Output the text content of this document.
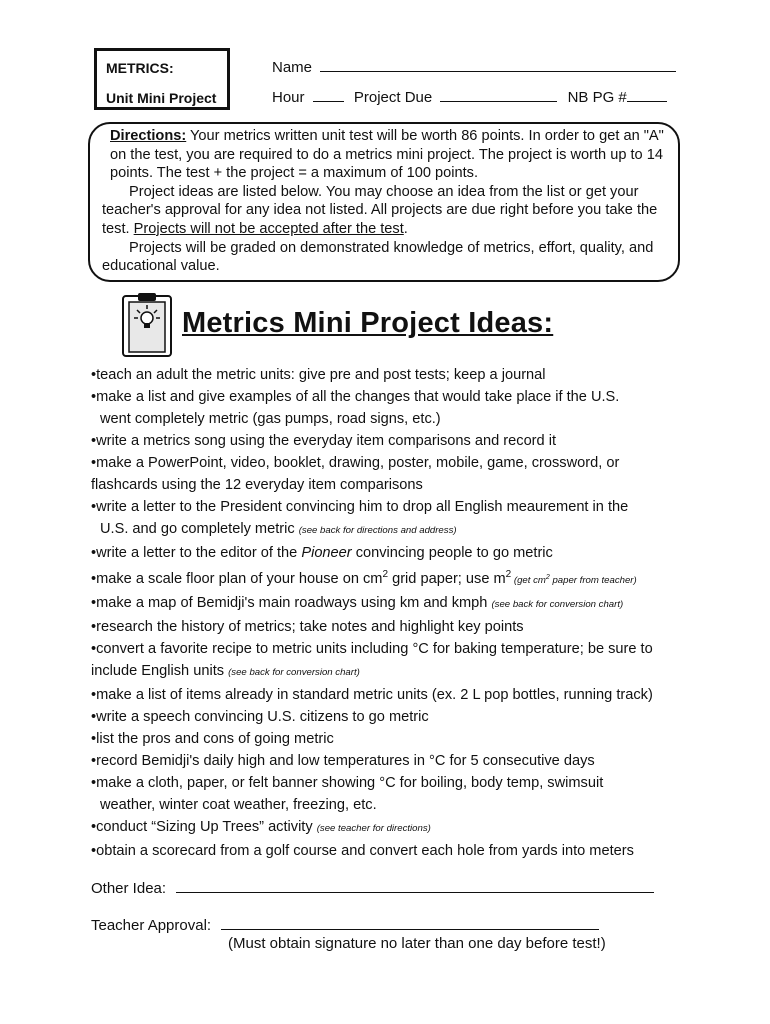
METRICS:
Unit Mini Project
Name
Hour	Project Due	NB PG #

Directions: Your metrics written unit test will be worth 86 points. In order to get an "A" on the test, you are required to do a metrics mini project. The project is worth up to 14 points. The test + the project = a maximum of 100 points.

Project ideas are listed below. You may choose an idea from the list or get your teacher's approval for any idea not listed. All projects are due right before you take the test. Projects will not be accepted after the test.

Projects will be graded on demonstrated knowledge of metrics, effort, quality, and educational value.

Metrics Mini Project Ideas:
•teach an adult the metric units: give pre and post tests; keep a journal
•make a list and give examples of all the changes that would take place if the U.S.
went completely metric (gas pumps, road signs, etc.)
•write a metrics song using the everyday item comparisons and record it
•make a PowerPoint, video, booklet, drawing, poster, mobile, game, crossword, or
flashcards using the 12 everyday item comparisons
•write a letter to the President convincing him to drop all English meaurement in the
U.S. and go completely metric (see back for directions and address)
•write a letter to the editor of the Pioneer convincing people to go metric
•make a scale floor plan of your house on $cm^2$ grid paper; use $m^2$ (get $cm^2$ paper from teacher)
•make a map of Bemidji's main roadways using km and kmph (see back for conversion chart)
•research the history of metrics; take notes and highlight key points
•convert a favorite recipe to metric units including °C for baking temperature; be sure to
include English units (see back for conversion chart)
•make a list of items already in standard metric units (ex. 2 L pop bottles, running track)
•write a speech convincing U.S. citizens to go metric
•list the pros and cons of going metric
•record Bemidji's daily high and low temperatures in °C for 5 consecutive days
•make a cloth, paper, or felt banner showing °C for boiling, body temp, swimsuit
weather, winter coat weather, freezing, etc.
•conduct “Sizing Up Trees” activity (see teacher for directions)
•obtain a scorecard from a golf course and convert each hole from yards into meters
Other Idea:
Teacher Approval:
(Must obtain signature no later than one day before test!)
